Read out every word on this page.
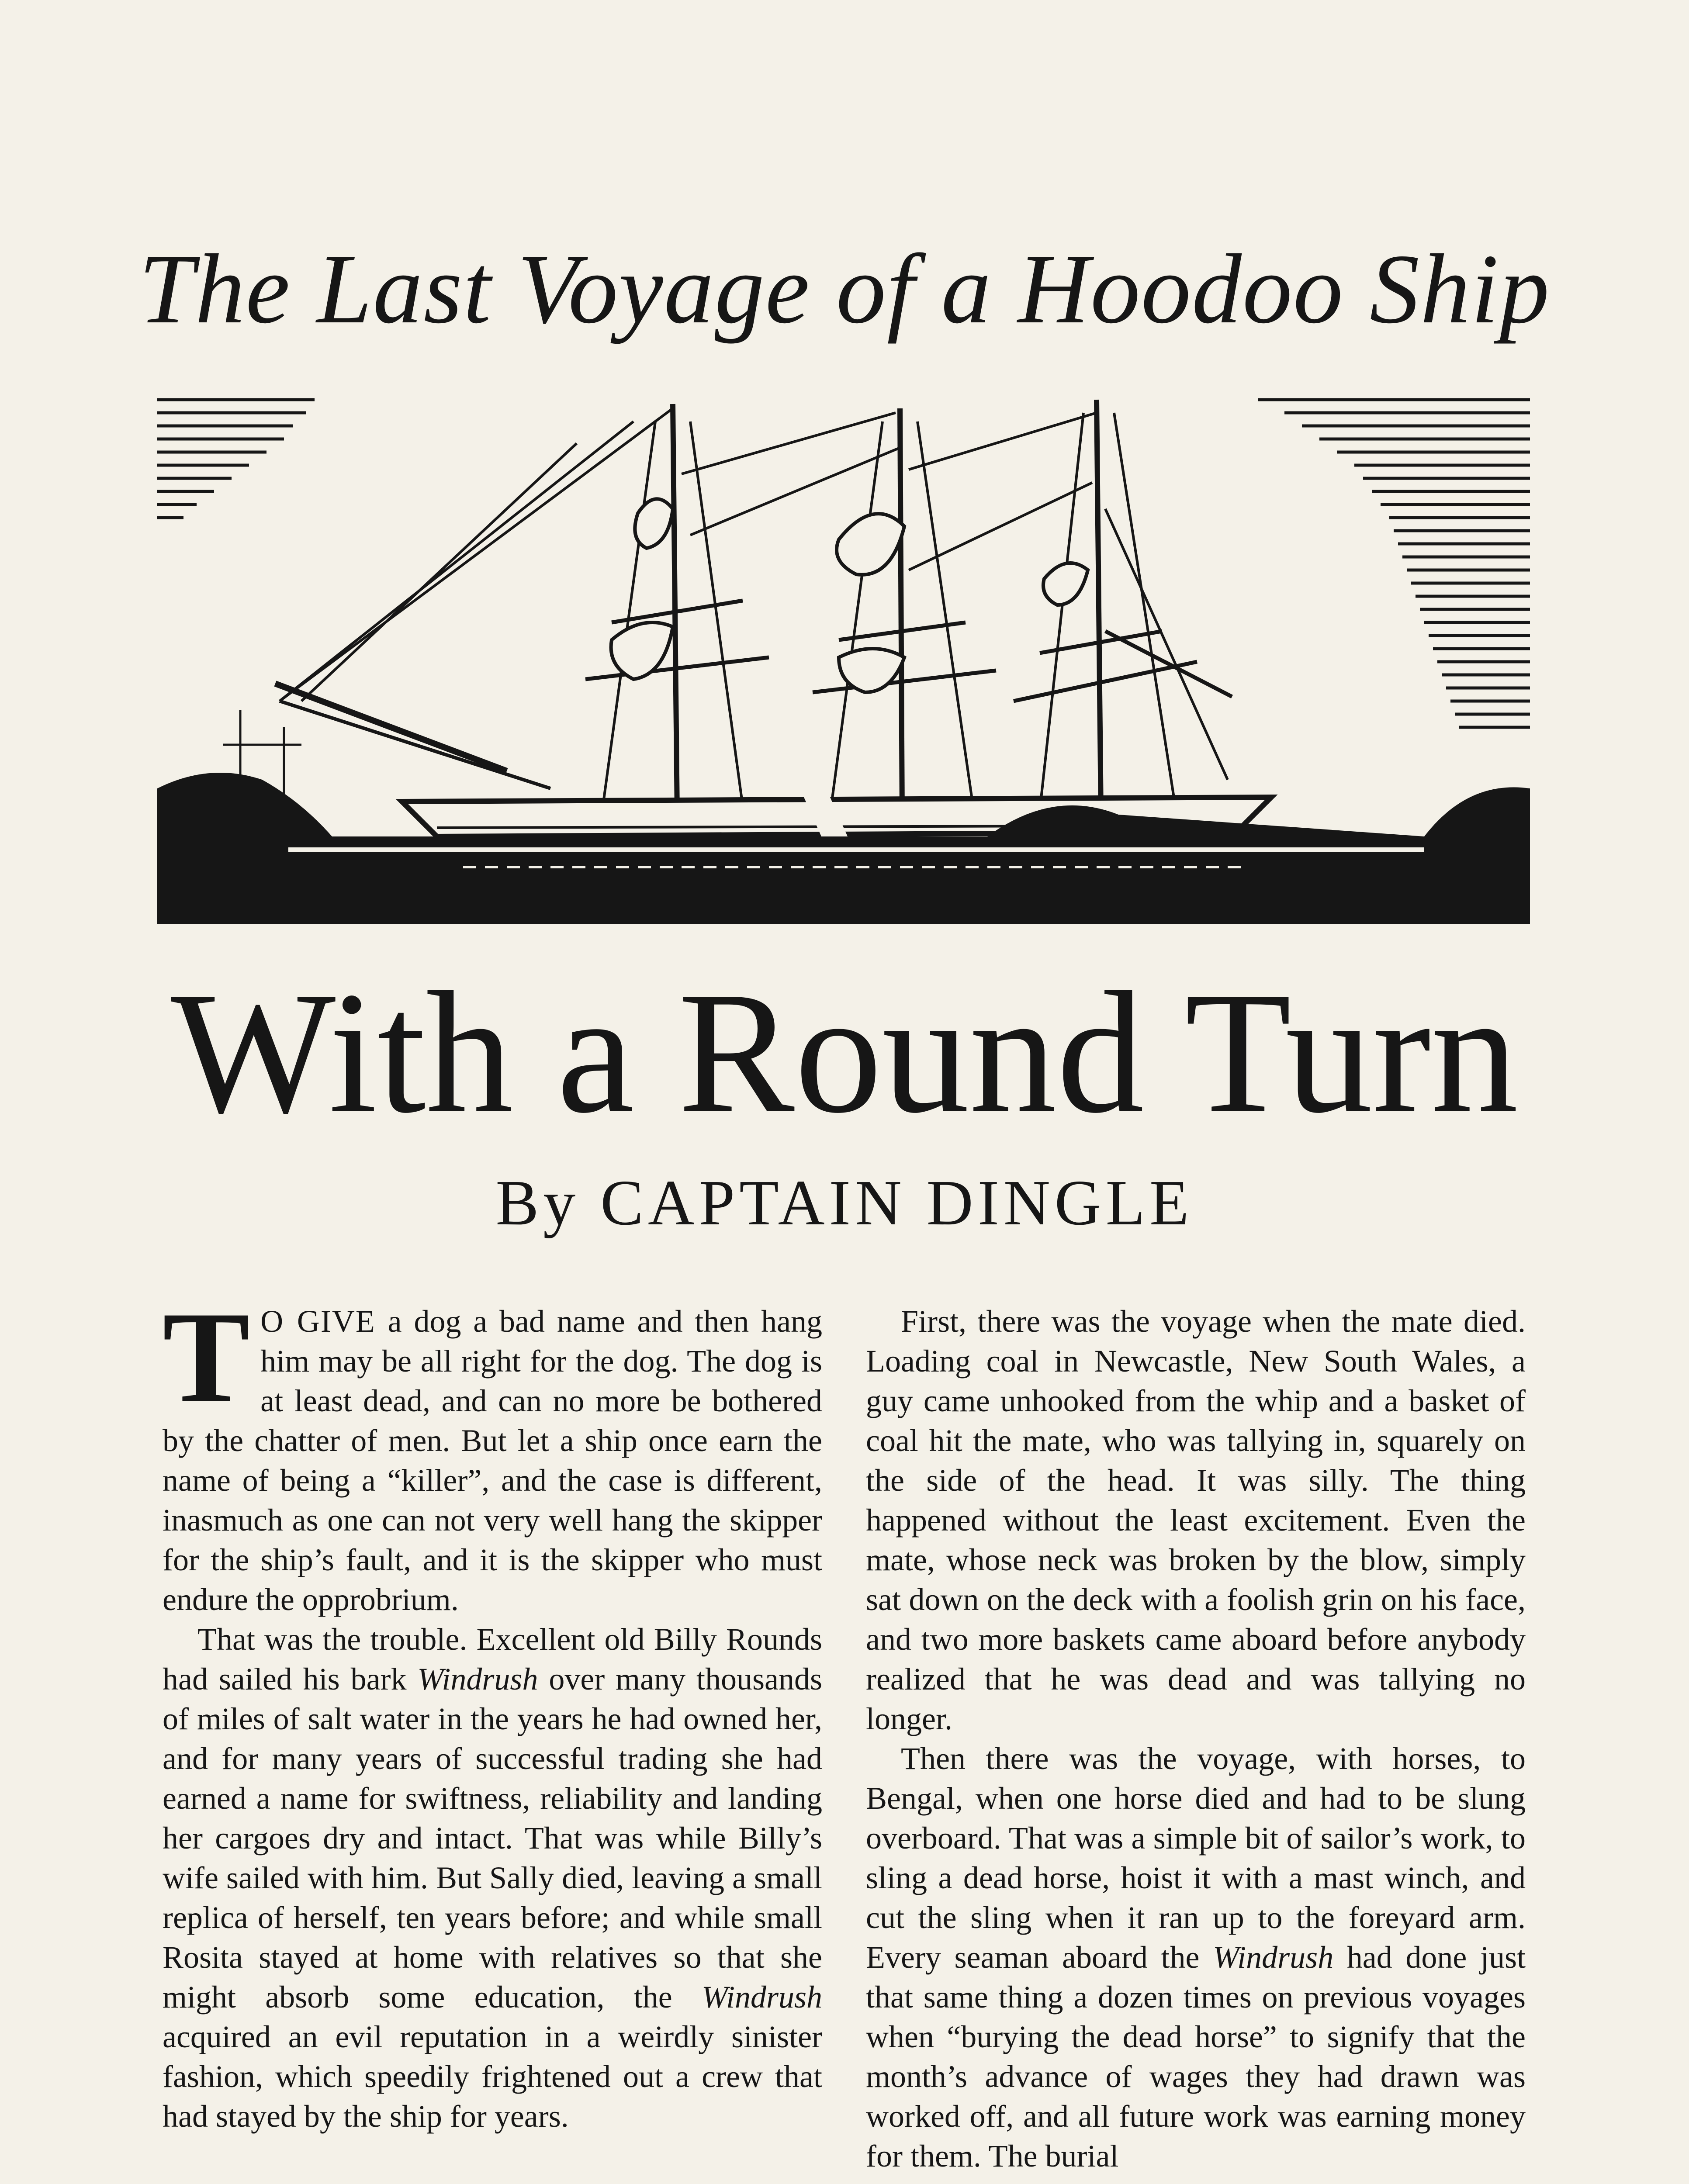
The Last Voyage of a Hoodoo Ship
With a Round Turn
By CAPTAIN DINGLE

T O GIVE a dog a bad name and then hang him may be all right for the dog. The dog is at least dead, and can no more be bothered by the chatter of men. But let a ship once earn the name of being a “killer”, and the case is different, inasmuch as one can not very well hang the skipper for the ship’s fault, and it is the skipper who must endure the opprobrium.

That was the trouble. Excellent old Billy Rounds had sailed his bark Windrush over many thousands of miles of salt water in the years he had owned her, and for many years of successful trading she had earned a name for swiftness, reliability and landing her cargoes dry and intact. That was while Billy’s wife sailed with him. But Sally died, leaving a small replica of herself, ten years before; and while small Rosita stayed at home with relatives so that she might absorb some education, the Windrush acquired an evil reputation in a weirdly sinister fashion, which speedily frightened out a crew that had stayed by the ship for years.

First, there was the voyage when the mate died. Loading coal in Newcastle, New South Wales, a guy came unhooked from the whip and a basket of coal hit the mate, who was tallying in, squarely on the side of the head. It was silly. The thing happened without the least excitement. Even the mate, whose neck was broken by the blow, simply sat down on the deck with a foolish grin on his face, and two more baskets came aboard before anybody realized that he was dead and was tallying no longer.

Then there was the voyage, with horses, to Bengal, when one horse died and had to be slung overboard. That was a simple bit of sailor’s work, to sling a dead horse, hoist it with a mast winch, and cut the sling when it ran up to the foreyard arm. Every seaman aboard the Windrush had done just that same thing a dozen times on previous voyages when “burying the dead horse” to signify that the month’s advance of wages they had drawn was worked off, and all future work was earning money for them. The burial
